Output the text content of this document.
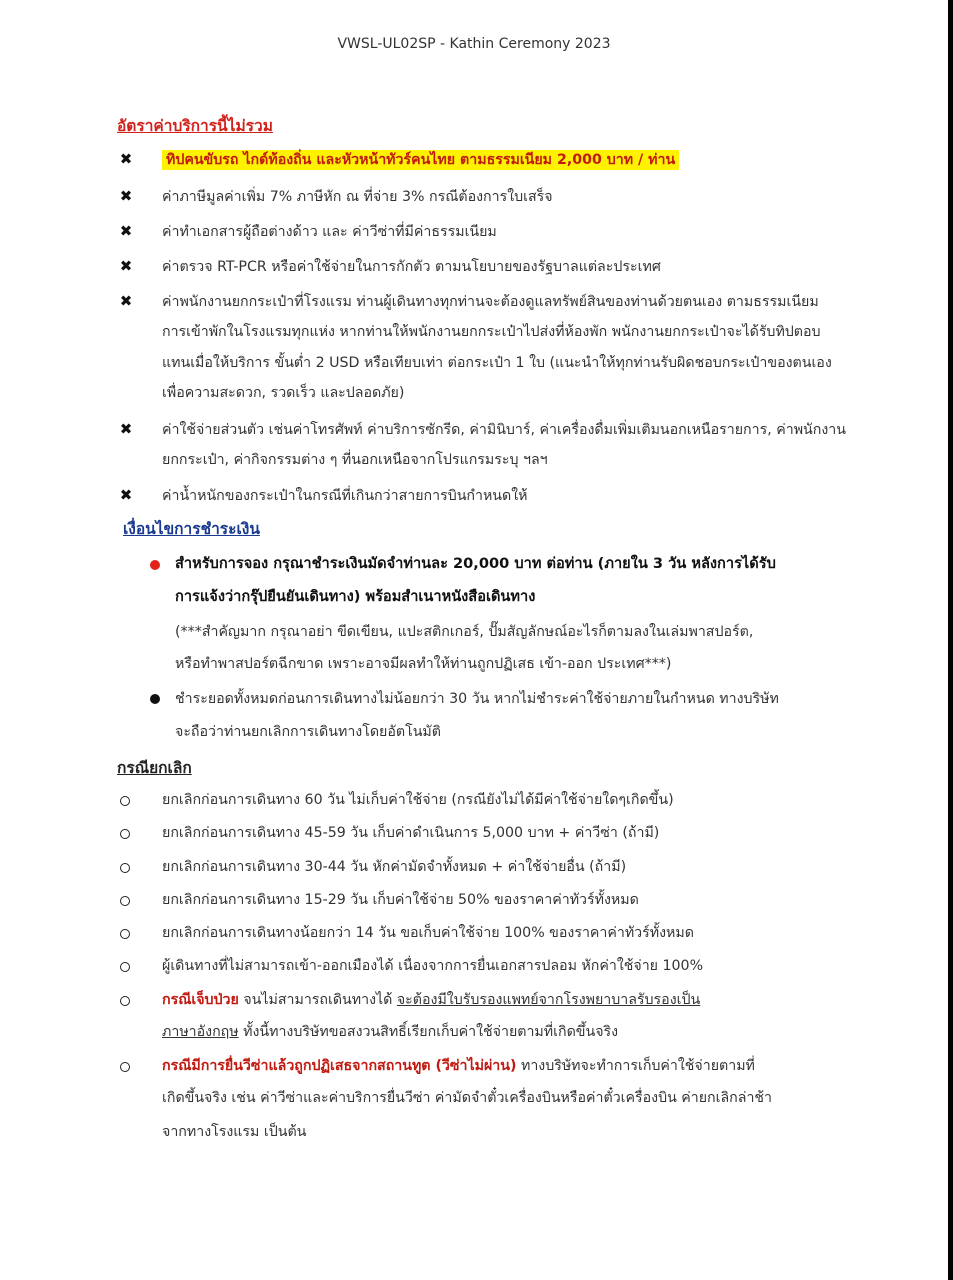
VWSL-UL02SP - Kathin Ceremony 2023
อัตราค่าบริการนี้ไม่รวม
✖ ทิปคนขับรถ ไกด์ท้องถิ่น และหัวหน้าทัวร์คนไทย ตามธรรมเนียม 2,000 บาท / ท่าน
✖ ค่าภาษีมูลค่าเพิ่ม 7% ภาษีหัก ณ ที่จ่าย 3% กรณีต้องการใบเสร็จ
✖ ค่าทำเอกสารผู้ถือต่างด้าว และ ค่าวีซ่าที่มีค่าธรรมเนียม
✖ ค่าตรวจ RT-PCR หรือค่าใช้จ่ายในการกักตัว ตามนโยบายของรัฐบาลแต่ละประเทศ
✖ ค่าพนักงานยกกระเป๋าที่โรงแรม ท่านผู้เดินทางทุกท่านจะต้องดูแลทรัพย์สินของท่านด้วยตนเอง ตามธรรมเนียม
การเข้าพักในโรงแรมทุกแห่ง หากท่านให้พนักงานยกกระเป๋าไปส่งที่ห้องพัก พนักงานยกกระเป๋าจะได้รับทิปตอบ
แทนเมื่อให้บริการ ขั้นต่ำ 2 USD หรือเทียบเท่า ต่อกระเป๋า 1 ใบ (แนะนำให้ทุกท่านรับผิดชอบกระเป๋าของตนเอง
เพื่อความสะดวก, รวดเร็ว และปลอดภัย)
✖ ค่าใช้จ่ายส่วนตัว เช่นค่าโทรศัพท์ ค่าบริการซักรีด, ค่ามินิบาร์, ค่าเครื่องดื่มเพิ่มเติมนอกเหนือรายการ, ค่าพนักงาน
ยกกระเป๋า, ค่ากิจกรรมต่าง ๆ ที่นอกเหนือจากโปรแกรมระบุ ฯลฯ
✖ ค่าน้ำหนักของกระเป๋าในกรณีที่เกินกว่าสายการบินกำหนดให้
เงื่อนไขการชำระเงิน
สำหรับการจอง กรุณาชำระเงินมัดจำท่านละ 20,000 บาท ต่อท่าน (ภายใน 3 วัน หลังการได้รับ
การแจ้งว่ากรุ๊ปยืนยันเดินทาง) พร้อมสำเนาหนังสือเดินทาง
(***สำคัญมาก กรุณาอย่า ขีดเขียน, แปะสติกเกอร์, ปั๊มสัญลักษณ์อะไรก็ตามลงในเล่มพาสปอร์ต,
หรือทำพาสปอร์ตฉีกขาด เพราะอาจมีผลทำให้ท่านถูกปฏิเสธ เข้า-ออก ประเทศ***)
ชำระยอดทั้งหมดก่อนการเดินทางไม่น้อยกว่า 30 วัน หากไม่ชำระค่าใช้จ่ายภายในกำหนด ทางบริษัท
จะถือว่าท่านยกเลิกการเดินทางโดยอัตโนมัติ
กรณียกเลิก
ยกเลิกก่อนการเดินทาง 60 วัน ไม่เก็บค่าใช้จ่าย (กรณียังไม่ได้มีค่าใช้จ่ายใดๆเกิดขึ้น)
ยกเลิกก่อนการเดินทาง 45-59 วัน เก็บค่าดำเนินการ 5,000 บาท + ค่าวีซ่า (ถ้ามี)
ยกเลิกก่อนการเดินทาง 30-44 วัน หักค่ามัดจำทั้งหมด + ค่าใช้จ่ายอื่น (ถ้ามี)
ยกเลิกก่อนการเดินทาง 15-29 วัน เก็บค่าใช้จ่าย 50% ของราคาค่าทัวร์ทั้งหมด
ยกเลิกก่อนการเดินทางน้อยกว่า 14 วัน ขอเก็บค่าใช้จ่าย 100% ของราคาค่าทัวร์ทั้งหมด
ผู้เดินทางที่ไม่สามารถเข้า-ออกเมืองได้ เนื่องจากการยื่นเอกสารปลอม หักค่าใช้จ่าย 100%
กรณีเจ็บป่วย จนไม่สามารถเดินทางได้ จะต้องมีใบรับรองแพทย์จากโรงพยาบาลรับรองเป็น
ภาษาอังกฤษ ทั้งนี้ทางบริษัทขอสงวนสิทธิ์เรียกเก็บค่าใช้จ่ายตามที่เกิดขึ้นจริง
กรณีมีการยื่นวีซ่าแล้วถูกปฏิเสธจากสถานทูต (วีซ่าไม่ผ่าน) ทางบริษัทจะทำการเก็บค่าใช้จ่ายตามที่
เกิดขึ้นจริง เช่น ค่าวีซ่าและค่าบริการยื่นวีซ่า ค่ามัดจำตั๋วเครื่องบินหรือค่าตั๋วเครื่องบิน ค่ายกเลิกล่าช้า
จากทางโรงแรม เป็นต้น
